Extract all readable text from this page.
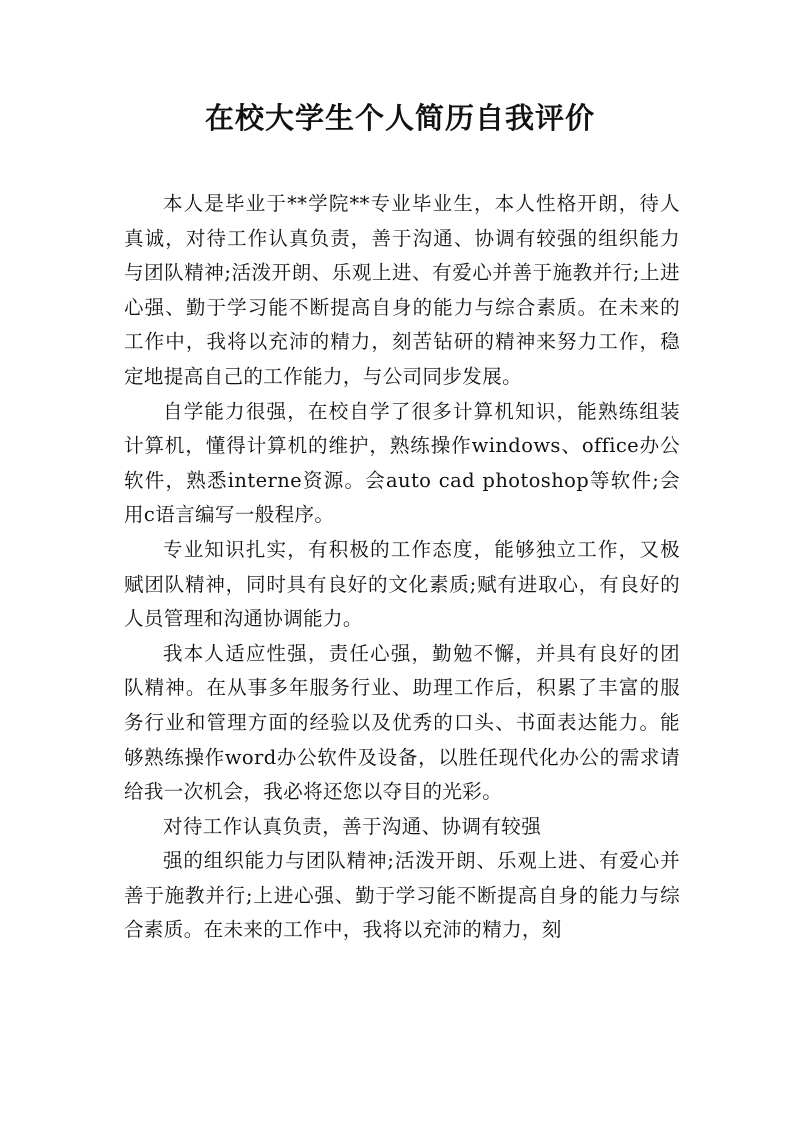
在校大学生个人简历自我评价

本人是毕业于**学院**专业毕业生，本人性格开朗，待人真诚，对待工作认真负责，善于沟通、协调有较强的组织能力与团队精神;活泼开朗、乐观上进、有爱心并善于施教并行;上进心强、勤于学习能不断提高自身的能力与综合素质。在未来的工作中，我将以充沛的精力，刻苦钻研的精神来努力工作，稳定地提高自己的工作能力，与公司同步发展。

自学能力很强，在校自学了很多计算机知识，能熟练组装计算机，懂得计算机的维护，熟练操作windows、office办公软件，熟悉interne资源。会auto cad photoshop等软件;会用c语言编写一般程序。

专业知识扎实，有积极的工作态度，能够独立工作，又极赋团队精神，同时具有良好的文化素质;赋有进取心，有良好的人员管理和沟通协调能力。

我本人适应性强，责任心强，勤勉不懈，并具有良好的团队精神。在从事多年服务行业、助理工作后，积累了丰富的服务行业和管理方面的经验以及优秀的口头、书面表达能力。能够熟练操作word办公软件及设备，以胜任现代化办公的需求请给我一次机会，我必将还您以夺目的光彩。

对待工作认真负责，善于沟通、协调有较强

强的组织能力与团队精神;活泼开朗、乐观上进、有爱心并善于施教并行;上进心强、勤于学习能不断提高自身的能力与综合素质。在未来的工作中，我将以充沛的精力，刻
